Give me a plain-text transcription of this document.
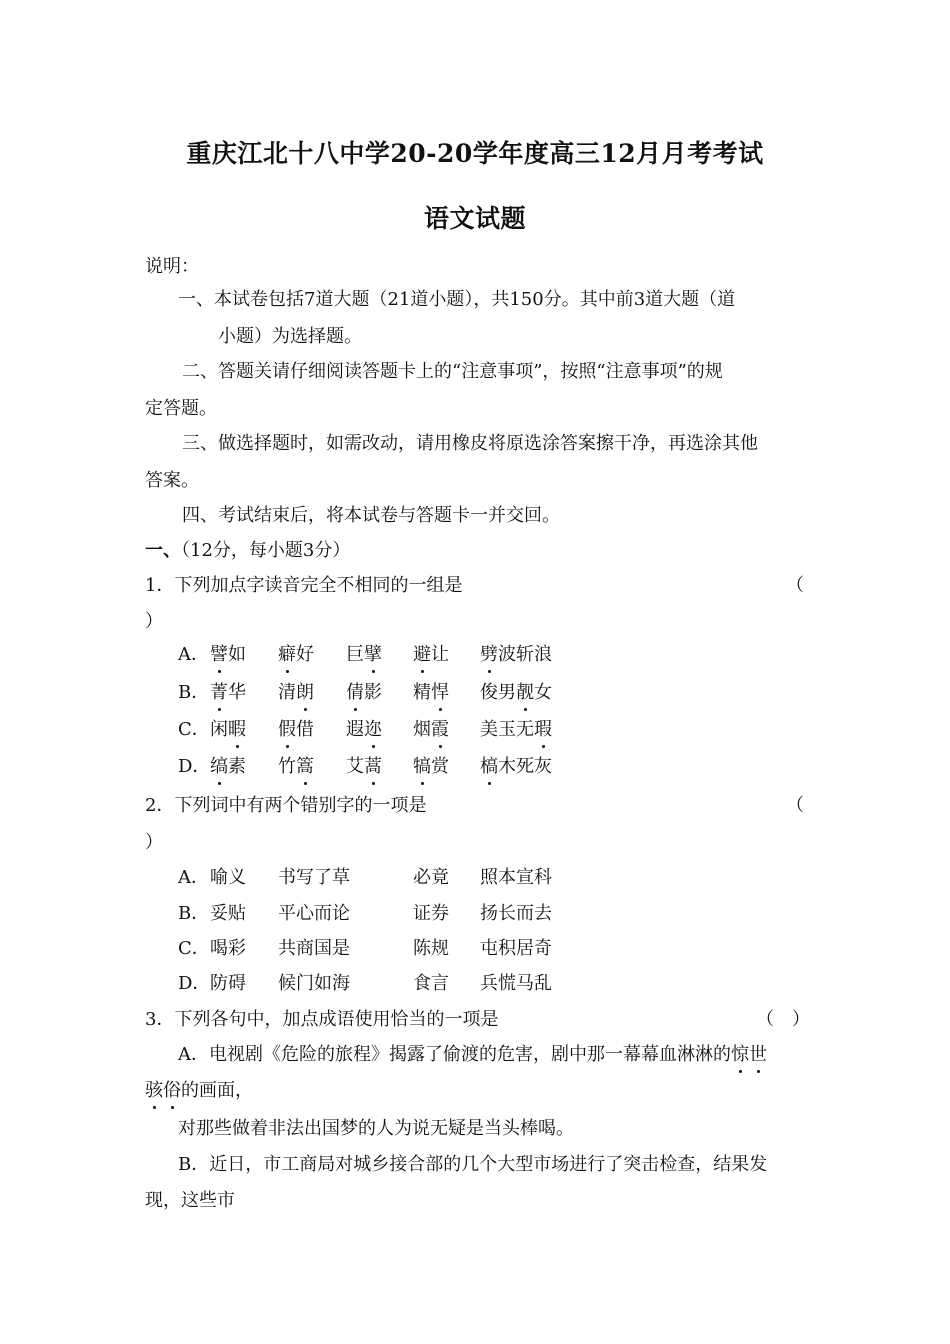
重庆江北十八中学20-20学年度高三12月月考考试
语文试题
说明：
一、本试卷包括7道大题（21道小题），共150分。其中前3道大题（道
小题）为选择题。
二、答题关请仔细阅读答题卡上的“注意事项”，按照“注意事项”的规
定答题。
三、做选择题时，如需改动，请用橡皮将原选涂答案擦干净，再选涂其他
答案。
四、考试结束后，将本试卷与答题卡一并交回。
一、（12分，每小题3分）
1．下列加点字读音完全不相同的一组是	（
）
A． 譬如 癖好 巨擘 避让 劈波斩浪
B． 菁华 清朗 倩影 精悍 俊男靓女
C． 闲暇 假借 遐迩 烟霞 美玉无瑕
D． 缟素 竹篙 艾蒿 犒赏 槁木死灰
2．下列词中有两个错别字的一项是	（
）
A． 喻义 书写了草	必竟 照本宣科
B． 妥贴 平心而论	证券 扬长而去
C． 喝彩 共商国是	陈规 屯积居奇
D． 防碍 候门如海	食言 兵慌马乱
3．下列各句中，加点成语使用恰当的一项是	（　）
A．电视剧《危险的旅程》揭露了偷渡的危害，剧中那一幕幕血淋淋的惊世
骇俗的画面，
对那些做着非法出国梦的人为说无疑是当头棒喝。
B．近日，市工商局对城乡接合部的几个大型市场进行了突击检查，结果发
现，这些市
